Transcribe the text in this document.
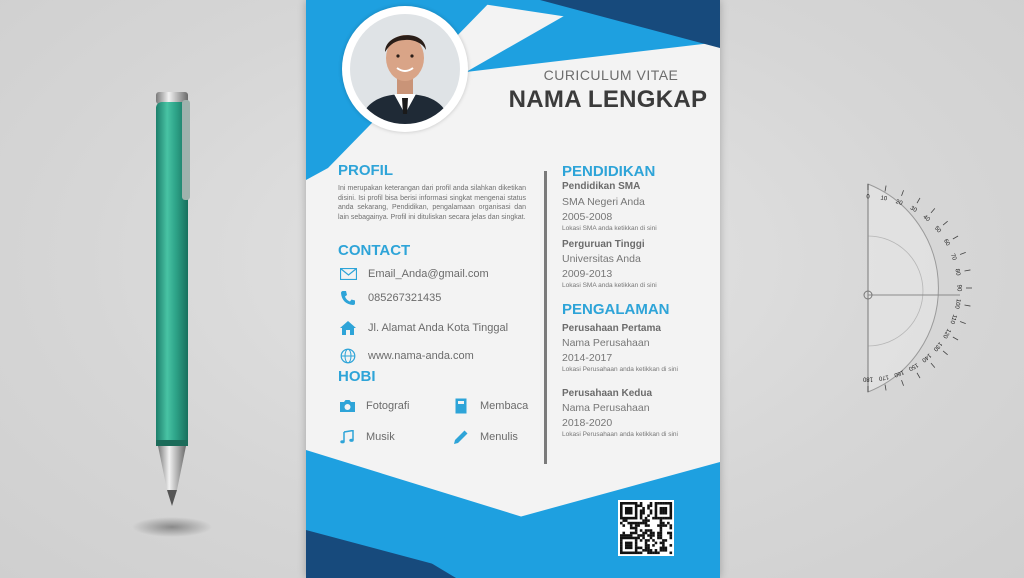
0 10
20
30
40
50
60
70
80
90
100
110
120
130
140
150
160
170
180
CURICULUM VITAE
NAMA LENGKAP
PROFIL
Ini merupakan keterangan dari profil anda silahkan diketikan disini. Isi profil bisa berisi informasi singkat mengenai status anda sekarang, Pendidikan, pengalamaan organisasi dan lain sebagainya. Profil ini dituliskan secara jelas dan singkat.
CONTACT
Email_Anda@gmail.com
085267321435
Jl. Alamat Anda Kota Tinggal
www.nama-anda.com
HOBI
Fotografi	Membaca
Musik	Menulis
PENDIDIKAN
Pendidikan SMA
SMA Negeri Anda
2005-2008
Lokasi SMA anda ketikkan di sini
Perguruan Tinggi
Universitas Anda
2009-2013
Lokasi SMA anda ketikkan di sini
PENGALAMAN
Perusahaan Pertama
Nama Perusahaan
2014-2017
Lokasi Perusahaan anda ketikkan di sini
Perusahaan Kedua
Nama Perusahaan
2018-2020
Lokasi Perusahaan anda ketikkan di sini
